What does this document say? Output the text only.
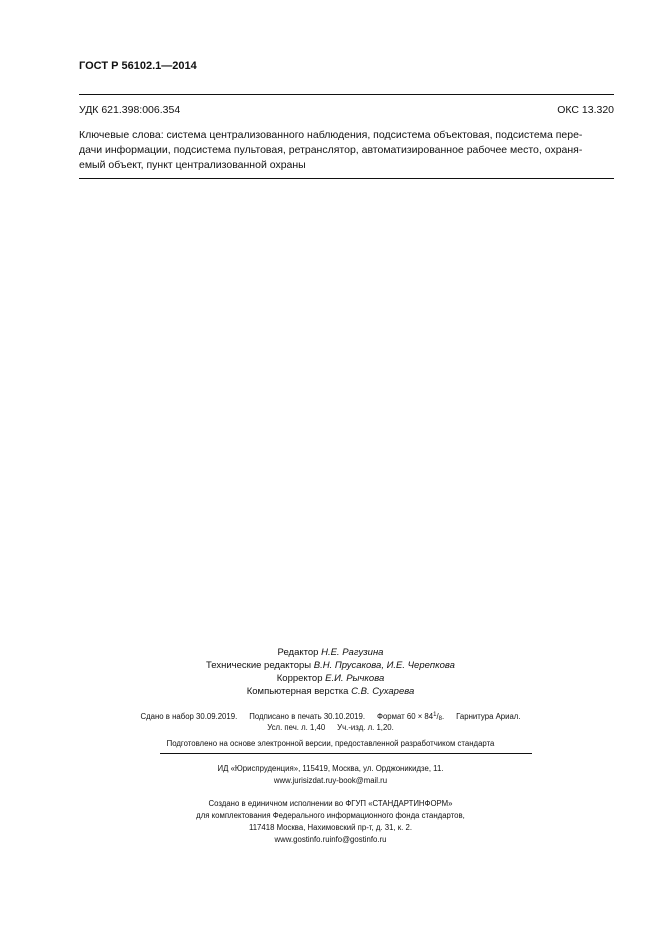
ГОСТ Р 56102.1—2014
УДК 621.398:006.354	ОКС 13.320
Ключевые слова: система централизованного наблюдения, подсистема объектовая, подсистема пере-
дачи информации, подсистема пультовая, ретранслятор, автоматизированное рабочее место, охраня-
емый объект, пункт централизованной охраны
Редактор Н.Е. Рагузина
Технические редакторы В.Н. Прусакова, И.Е. Черепкова
Корректор Е.И. Рычкова
Компьютерная верстка С.В. Сухарева
Сдано в набор 30.09.2019. Подписано в печать 30.10.2019. Формат $60 \times 84^1/_8$. Гарнитура Ариал.
Усл. печ. л. 1,40 Уч.-изд. л. 1,20.
Подготовлено на основе электронной версии, предоставленной разработчиком стандарта
ИД «Юриспруденция», 115419, Москва, ул. Орджоникидзе, 11.
www.jurisizdat.ruy-book@mail.ru
Создано в единичном исполнении во ФГУП «СТАНДАРТИНФОРМ»
для комплектования Федерального информационного фонда стандартов,
117418 Москва, Нахимовский пр-т, д. 31, к. 2.
www.gostinfo.ruinfo@gostinfo.ru
